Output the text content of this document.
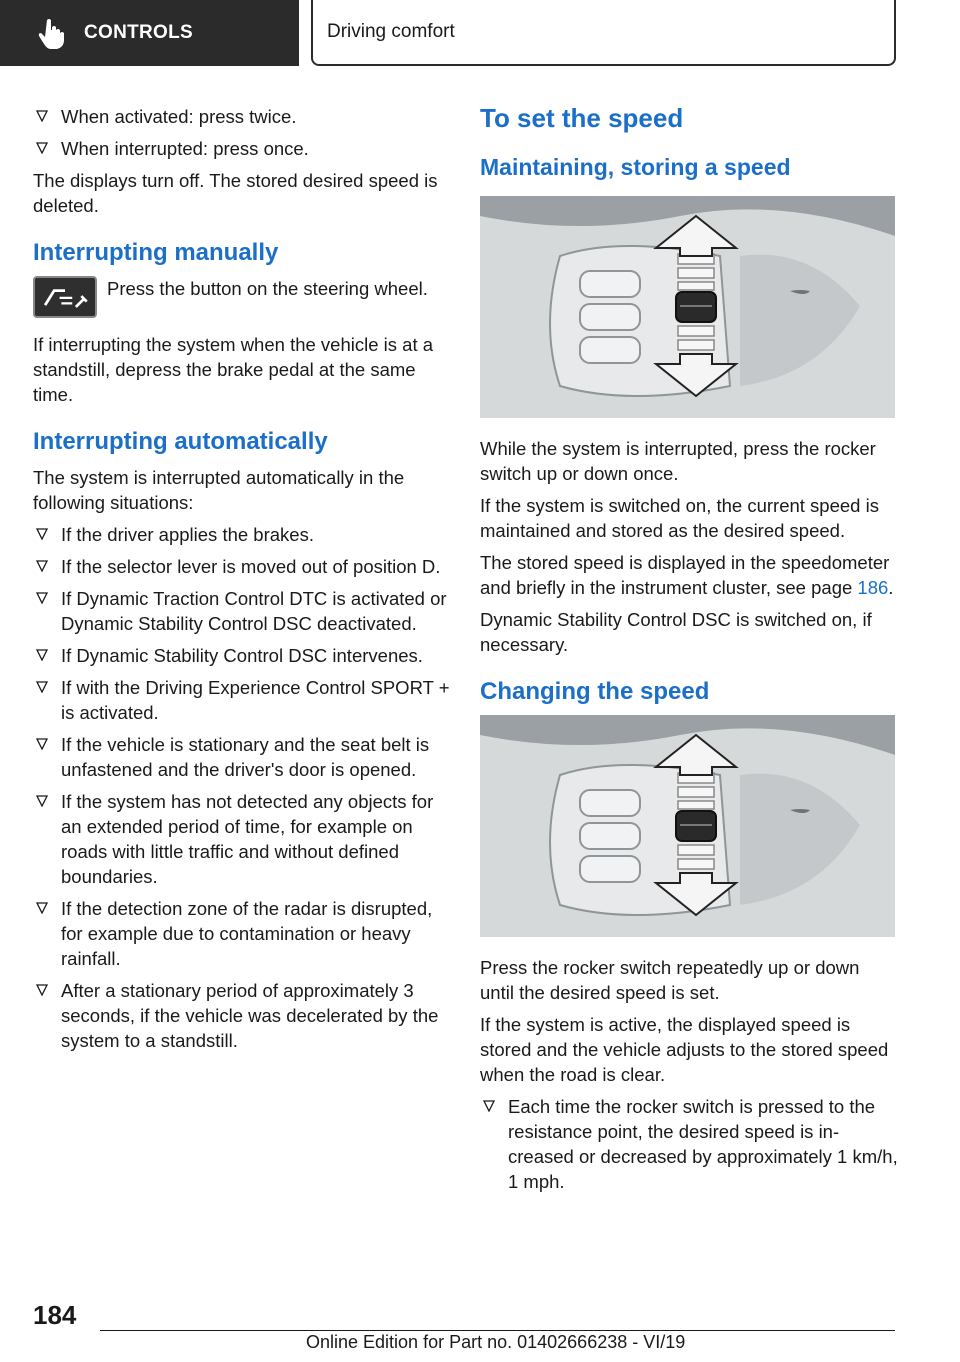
CONTROLS	Driving comfort
When activated: press twice.
When interrupted: press once.

The displays turn off. The stored desired speed is deleted.

Interrupting manually
Press the button on the steering wheel.

If interrupting the system when the vehicle is at a standstill, depress the brake pedal at the same time.

Interrupting automatically

The system is interrupted automatically in the following situations:

If the driver applies the brakes.
If the selector lever is moved out of position D.
If Dynamic Traction Control DTC is activated or Dynamic Stability Control DSC deactivated.
If Dynamic Stability Control DSC intervenes.
If with the Driving Experience Control SPORT + is activated.
If the vehicle is stationary and the seat belt is unfastened and the driver's door is opened.
If the system has not detected any objects for an extended period of time, for example on roads with little traffic and without defined boundaries.
If the detection zone of the radar is disrupted, for example due to contamination or heavy rainfall.
After a stationary period of approximately 3 seconds, if the vehicle was decelerated by the system to a standstill.
To set the speed
Maintaining, storing a speed

While the system is interrupted, press the rocker switch up or down once.

If the system is switched on, the current speed is maintained and stored as the desired speed.

The stored speed is displayed in the speedometer and briefly in the instrument cluster, see page 186.

Dynamic Stability Control DSC is switched on, if necessary.

Changing the speed

Press the rocker switch repeatedly up or down until the desired speed is set.

If the system is active, the displayed speed is stored and the vehicle adjusts to the stored speed when the road is clear.

Each time the rocker switch is pressed to the resistance point, the desired speed is increased or decreased by approximately 1 km/h, 1 mph.
184
Online Edition for Part no. 01402666238 - VI/19
